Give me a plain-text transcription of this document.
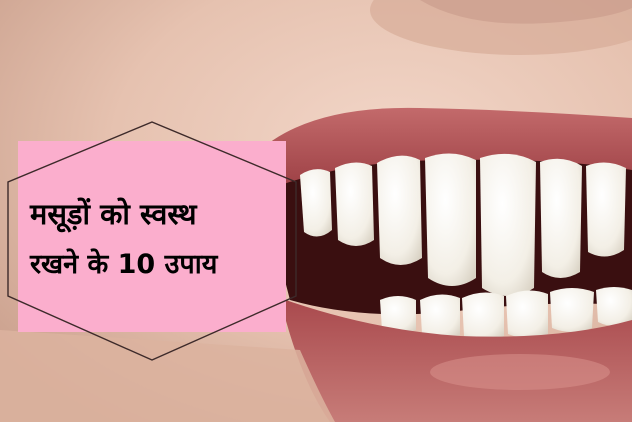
मसूड़ों को स्वस्थ

रखने के 10 उपाय
